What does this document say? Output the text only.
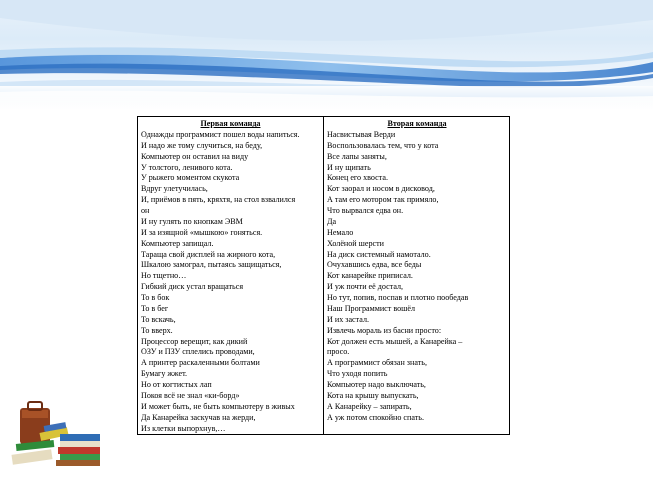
Первая команда
Однажды программист пошел воды напиться.
И надо же тому случиться, на беду,
Компьютер он оставил на виду
У толстого, ленивого кота.
У рыжего моментом скукота
Вдруг улетучилась,
И, приёмов в пять, кряхтя, на стол взвалился
он
И ну гулять по кнопкам ЭВМ
И за изящной «мышкою» гоняться.
Компьютер запищал.
Тараща свой дисплей на жирного кота,
Шкалою замограл, пытаясь защищаться,
Но тщетно…
Гибкий диск устал вращаться
То в бок
То в бег
То вскачь,
То вверх.
Процессор верещит, как дикий
ОЗУ и ПЗУ сплелись проводами,
А принтер раскаленными болтами
Бумагу жжет.
Но от когтистых лап
Покоя всё не знал «ки-борд»
И может быть, не быть компьютеру в живых
Да Канарейка заскучав на жерди,
Из клетки выпорхнув,…
Вторая команда
Насвистывая Верди
Воспользовалась тем, что у кота
Все лапы заняты,
И ну щипать
Конец его хвоста.
Кот заорал и носом в дисковод,
А там его мотором так примяло,
Что вырвался едва он.
Да
Немало
Холёной шерсти
На диск системный намотало.
Очухавшись едва, все беды
Кот канарейке приписал.
И уж почти её достал,
Но тут, попив, поспав и плотно пообедав
Наш Программист вошёл
И их застал.
Извлечь мораль из басни просто:
Кот должен есть мышей, а Канарейка –
просо.
А программист обязан знать,
Что уходя попить
Компьютер надо выключать,
Кота на крышу выпускать,
А Канарейку – запирать,
А уж потом спокойно спать.
